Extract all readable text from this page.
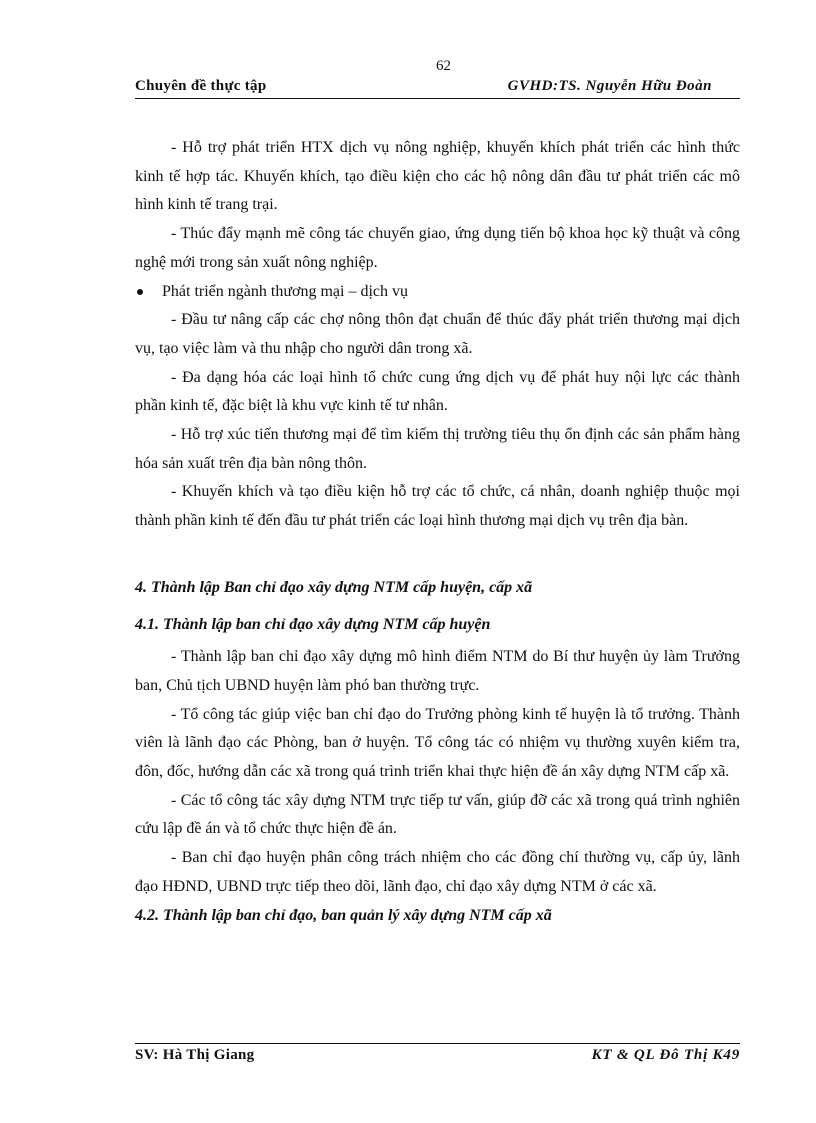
62
Chuyên đề thực tập	GVHD:TS. Nguyễn Hữu Đoàn

- Hỗ trợ phát triển HTX dịch vụ nông nghiệp, khuyến khích phát triển các hình thức kinh tế hợp tác. Khuyến khích, tạo điều kiện cho các hộ nông dân đầu tư phát triển các mô hình kinh tế trang trại.

- Thúc đẩy mạnh mẽ công tác chuyển giao, ứng dụng tiến bộ khoa học kỹ thuật và công nghệ mới trong sản xuất nông nghiệp.

Phát triển ngành thương mại – dịch vụ

- Đầu tư nâng cấp các chợ nông thôn đạt chuẩn để thúc đẩy phát triển thương mại dịch vụ, tạo việc làm và thu nhập cho người dân trong xã.

- Đa dạng hóa các loại hình tổ chức cung ứng dịch vụ để phát huy nội lực các thành phần kinh tế, đặc biệt là khu vực kinh tế tư nhân.

- Hỗ trợ xúc tiến thương mại để tìm kiếm thị trường tiêu thụ ổn định các sản phẩm hàng hóa sản xuất trên địa bàn nông thôn.

- Khuyến khích và tạo điều kiện hỗ trợ các tổ chức, cá nhân, doanh nghiệp thuộc mọi thành phần kinh tế đến đầu tư phát triển các loại hình thương mại dịch vụ trên địa bàn.

4. Thành lập Ban chỉ đạo xây dựng NTM cấp huyện, cấp xã

4.1. Thành lập ban chỉ đạo xây dựng NTM cấp huyện

- Thành lập ban chỉ đạo xây dựng mô hình điểm NTM do Bí thư huyện ủy làm Trưởng ban, Chủ tịch UBND huyện làm phó ban thường trực.

- Tổ công tác giúp việc ban chỉ đạo do Trưởng phòng kinh tế huyện là tổ trưởng. Thành viên là lãnh đạo các Phòng, ban ở huyện. Tổ công tác có nhiệm vụ thường xuyên kiểm tra, đôn, đốc, hướng dẫn các xã trong quá trình triển khai thực hiện đề án xây dựng NTM cấp xã.

- Các tổ công tác xây dựng NTM trực tiếp tư vấn, giúp đỡ các xã trong quá trình nghiên cứu lập đề án và tổ chức thực hiện đề án.

- Ban chỉ đạo huyện phân công trách nhiệm cho các đồng chí thường vụ, cấp ủy, lãnh đạo HĐND, UBND trực tiếp theo dõi, lãnh đạo, chỉ đạo xây dựng NTM ở các xã.

4.2. Thành lập ban chỉ đạo, ban quản lý xây dựng NTM cấp xã

SV: Hà Thị Giang	KT & QL Đô Thị K49
